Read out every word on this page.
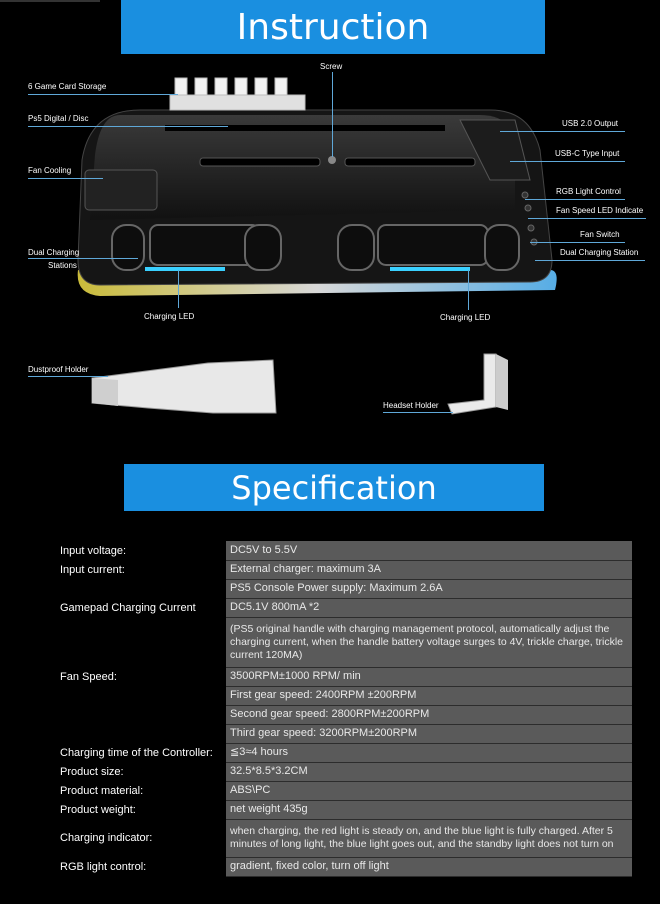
Instruction
6 Game Card Storage
Screw
Ps5 Digital / Disc
USB 2.0 Output
USB-C Type Input
Fan Cooling
RGB Light Control
Fan Speed LED Indicate
Fan Switch
Dual Charging Station
Dual Charging
Stations
Charging LED	Charging LED
Dustproof Holder
Headset Holder
Specification
Input voltage:	DC5V to 5.5V
Input current:	External charger: maximum 3A
	PS5 Console Power supply: Maximum 2.6A
Gamepad Charging Current	DC5.1V 800mA *2
	(PS5 original handle with charging management protocol, automatically adjust the charging current, when the handle battery voltage surges to 4V, trickle charge, trickle current 120MA)
Fan Speed:	3500RPM±1000 RPM/ min
	First gear speed: 2400RPM ±200RPM
	Second gear speed: 2800RPM±200RPM
	Third gear speed: 3200RPM±200RPM
Charging time of the Controller:	≦3≈4 hours
Product size:	32.5*8.5*3.2CM
Product material:	ABS\PC
Product weight:	net weight 435g
Charging indicator:	when charging, the red light is steady on, and the blue light is fully charged. After 5 minutes of long light, the blue light goes out, and the standby light does not turn on
RGB light control:	gradient, fixed color, turn off light
